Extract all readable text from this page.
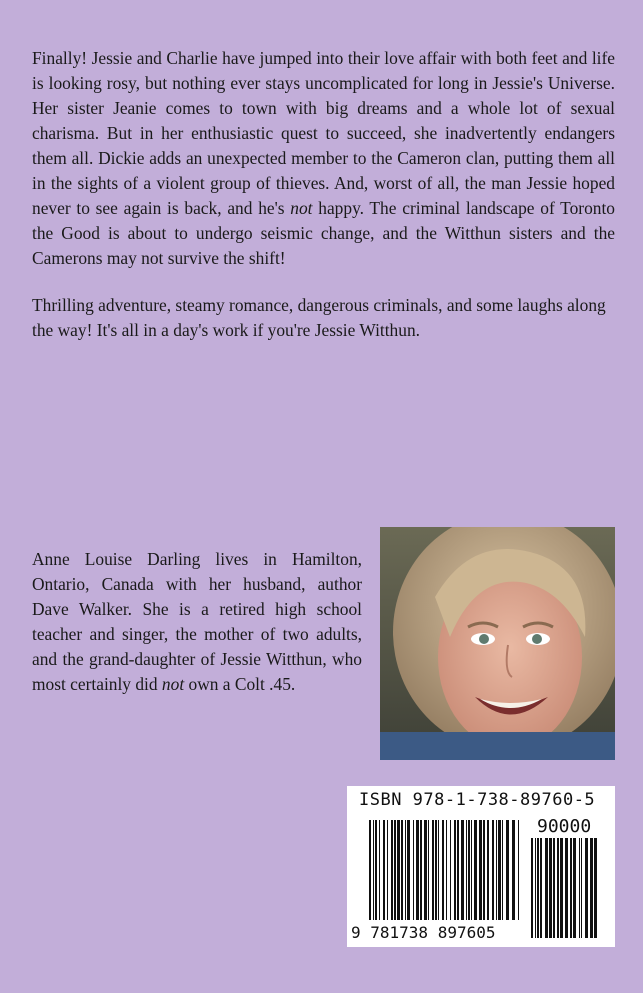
Finally! Jessie and Charlie have jumped into their love affair with both feet and life is looking rosy, but nothing ever stays uncomplicated for long in Jessie's Universe. Her sister Jeanie comes to town with big dreams and a whole lot of sexual charisma. But in her enthusiastic quest to succeed, she inadvertently endangers them all. Dickie adds an unexpected member to the Cameron clan, putting them all in the sights of a violent group of thieves. And, worst of all, the man Jessie hoped never to see again is back, and he's not happy. The criminal landscape of Toronto the Good is about to undergo seismic change, and the Witthun sisters and the Camerons may not survive the shift!

Thrilling adventure, steamy romance, dangerous criminals, and some laughs along the way! It's all in a day's work if you're Jessie Witthun.

Anne Louise Darling lives in Hamilton, Ontario, Canada with her husband, author Dave Walker. She is a retired high school teacher and singer, the mother of two adults, and the grand-daughter of Jessie Witthun, who most certainly did not own a Colt .45.

ISBN 978-1-738-89760-5
90000
9 781738 897605
